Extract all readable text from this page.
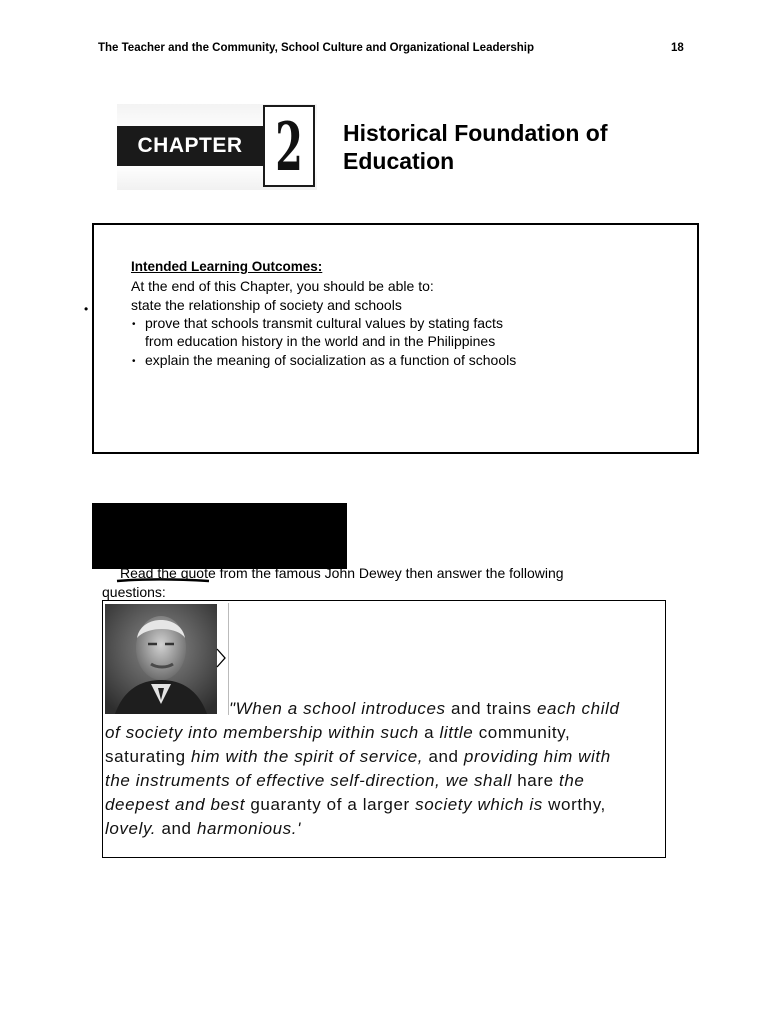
The Teacher and the Community, School Culture and Organizational Leadership	18
CHAPTER 2 Historical Foundation of
Education
•
Intended Learning Outcomes:
At the end of this Chapter, you should be able to:
state the relationship of society and schools
• prove that schools transmit cultural values by stating facts
from education history in the world and in the Philippines
• explain the meaning of socialization as a function of schools
Read the quote from the famous John Dewey then answer the following
questions:
"When a school introduces and trains each child
of society into membership within such a little community,
saturating him with the spirit of service, and providing him with
the instruments of effective self-direction, we shall hare the
deepest and best guaranty of a larger society which is worthy,
lovely. and harmonious.'
